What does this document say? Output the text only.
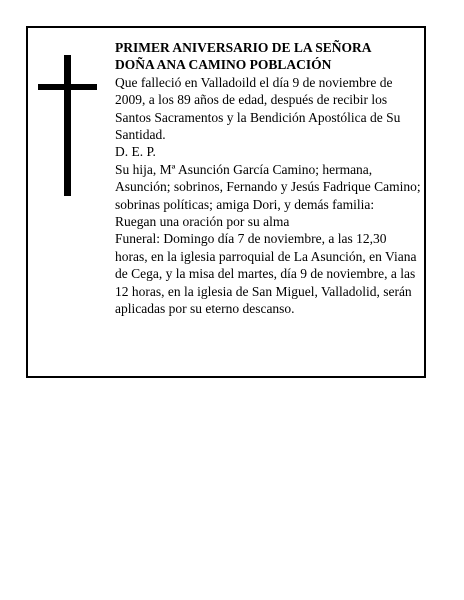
PRIMER ANIVERSARIO DE LA SEÑORA

DOÑA ANA CAMINO POBLACIÓN

Que falleció en Valladoild el día 9 de noviembre de 2009, a los 89 años de edad, después de recibir los Santos Sacramentos y la Bendición Apostólica de Su Santidad.

D. E. P.

Su hija, Mª Asunción García Camino; hermana, Asunción; sobrinos, Fernando y Jesús Fadrique Camino; sobrinas políticas; amiga Dori, y demás familia:

Ruegan una oración por su alma

Funeral: Domingo día 7 de noviembre, a las 12,30 horas, en la iglesia parroquial de La Asunción, en Viana de Cega, y la misa del martes, día 9 de noviembre, a las 12 horas, en la iglesia de San Miguel, Valladolid, serán aplicadas por su eterno descanso.
